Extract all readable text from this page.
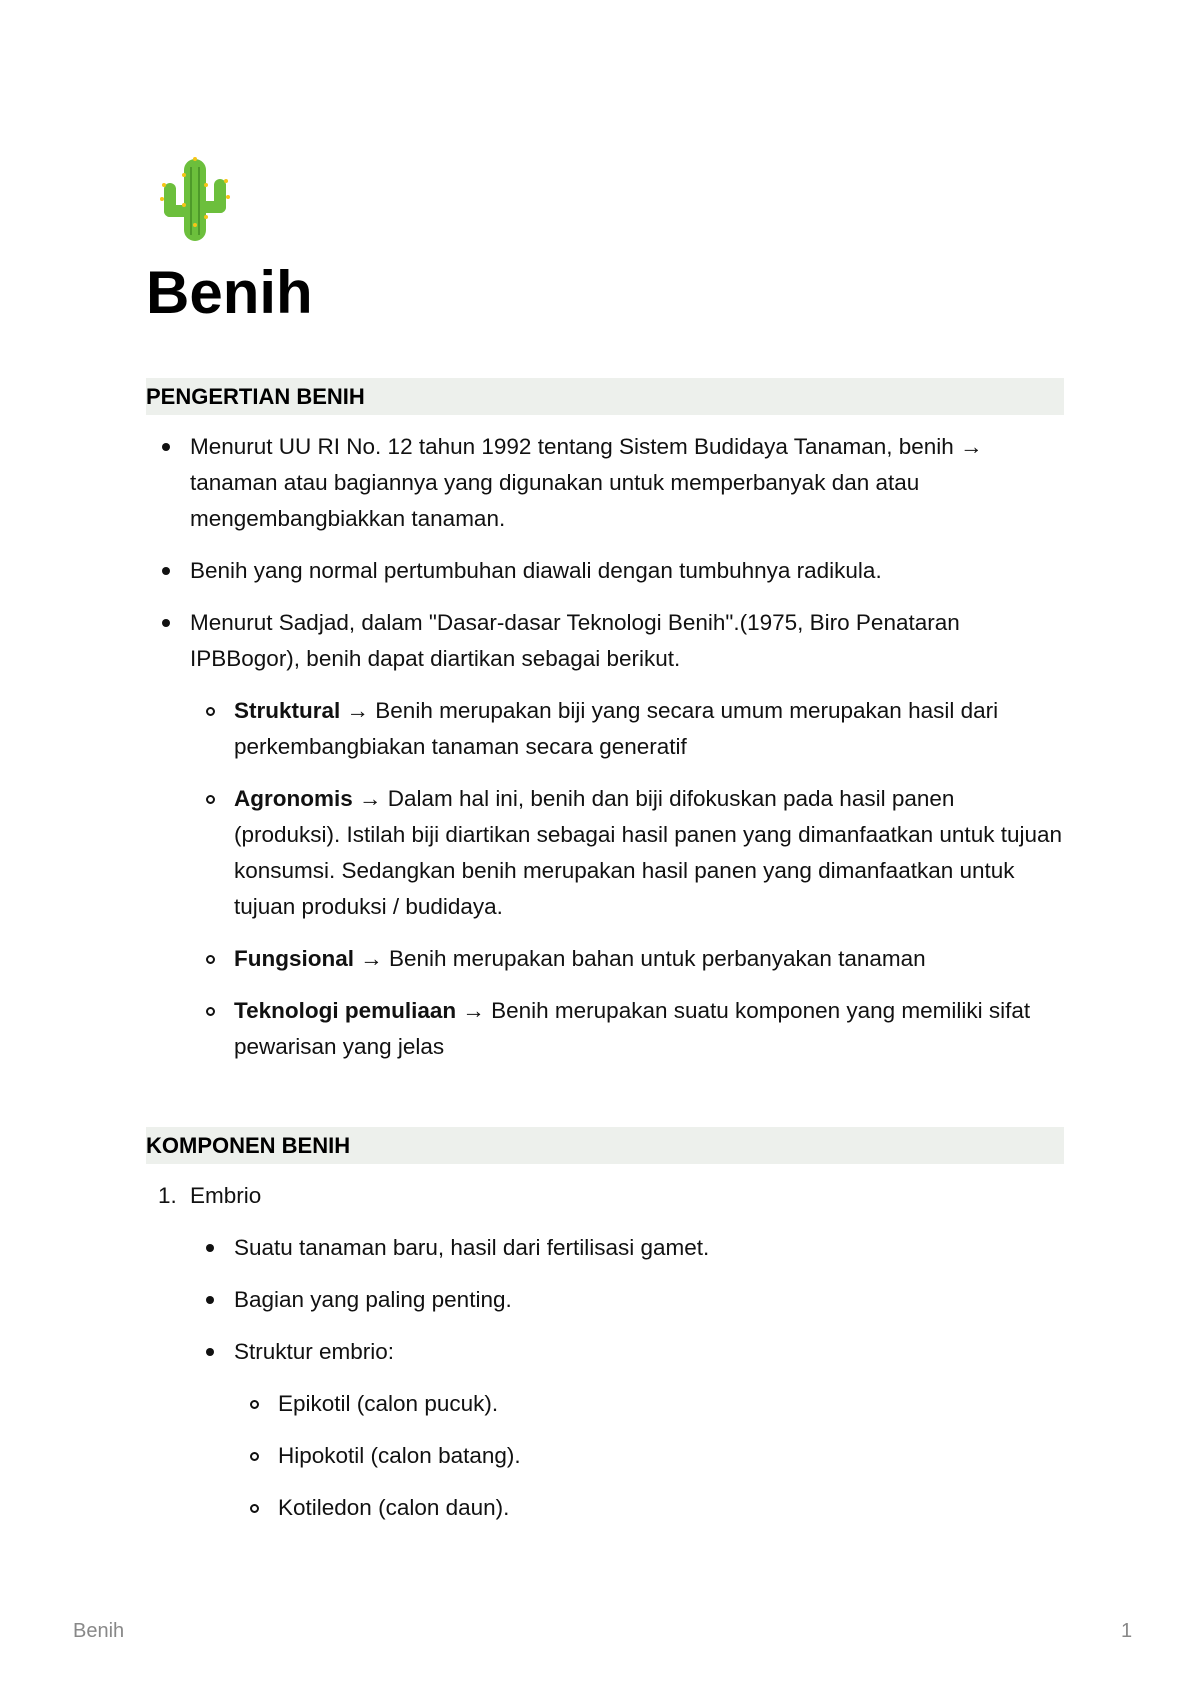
Benih
PENGERTIAN BENIH
Menurut UU RI No. 12 tahun 1992 tentang Sistem Budidaya Tanaman, benih → tanaman atau bagiannya yang digunakan untuk memperbanyak dan atau mengembangbiakkan tanaman.
Benih yang normal pertumbuhan diawali dengan tumbuhnya radikula.
Menurut Sadjad, dalam "Dasar-dasar Teknologi Benih".(1975, Biro Penataran IPBBogor), benih dapat diartikan sebagai berikut.
Struktural → Benih merupakan biji yang secara umum merupakan hasil dari perkembangbiakan tanaman secara generatif
Agronomis → Dalam hal ini, benih dan biji difokuskan pada hasil panen (produksi). Istilah biji diartikan sebagai hasil panen yang dimanfaatkan untuk tujuan konsumsi. Sedangkan benih merupakan hasil panen yang dimanfaatkan untuk tujuan produksi / budidaya.
Fungsional → Benih merupakan bahan untuk perbanyakan tanaman
Teknologi pemuliaan → Benih merupakan suatu komponen yang memiliki sifat pewarisan yang jelas
KOMPONEN BENIH
1. Embrio
Suatu tanaman baru, hasil dari fertilisasi gamet.
Bagian yang paling penting.
Struktur embrio:
Epikotil (calon pucuk).
Hipokotil (calon batang).
Kotiledon (calon daun).
Benih	1
